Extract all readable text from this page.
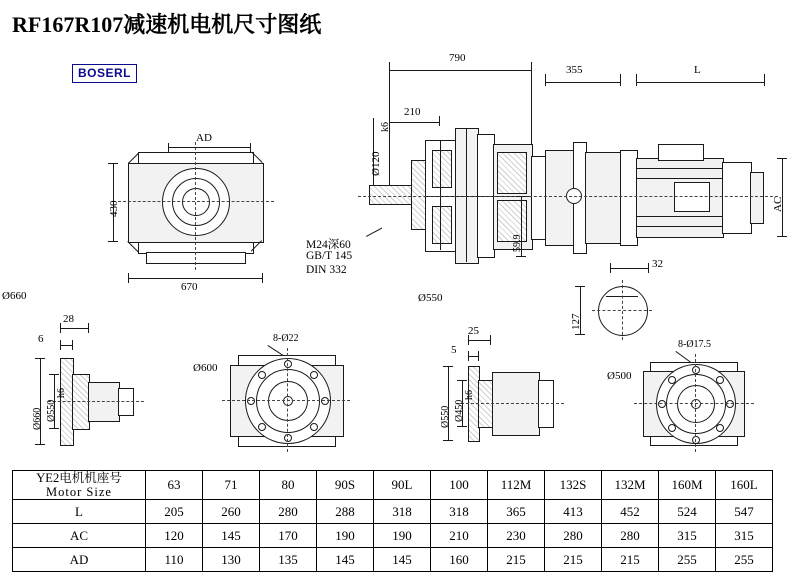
RF167R107减速机电机尺寸图纸
BOSERL
AD
430
670
790
355	L
210
Ø120
k6
AC
59.9
M24深60
GB/T 145
DIN 332
Ø550
32
127
Ø660
28
6
Ø660 Ø550
h6
Ø600
8-Ø22
25
5
Ø550 Ø450
h6
Ø500
8-Ø17.5
YE2电机机座号
Motor Size	63	71	80	90S	90L	100	112M	132S	132M	160M	160L
L	205	260	280	288	318	318	365	413	452	524	547
AC	120	145	170	190	190	210	230	280	280	315	315
AD	110	130	135	145	145	160	215	215	215	255	255
